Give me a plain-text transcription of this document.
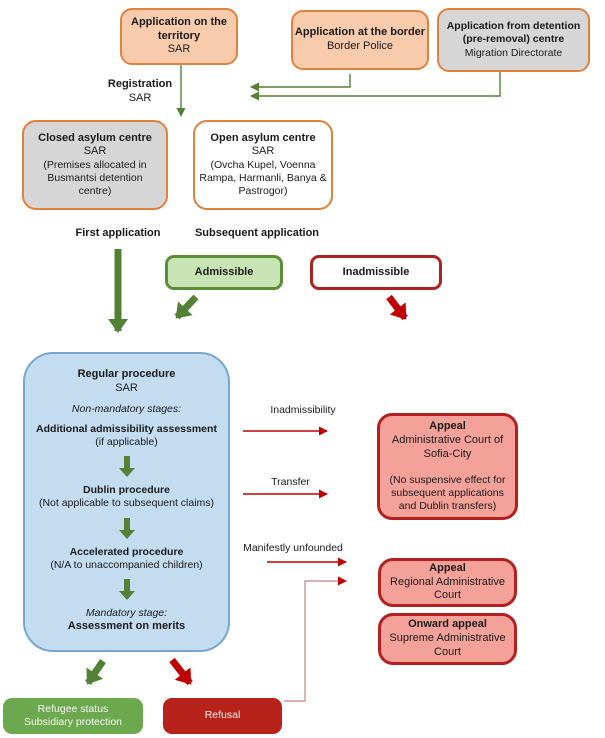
Application on the territory
SAR
Application at the border
Border Police
Application from detention (pre-removal) centre
Migration Directorate
Registration
SAR
Closed asylum centre
SAR
(Premises allocated in Busmantsi detention centre)
Open asylum centre
SAR
(Ovcha Kupel, Voenna Rampa, Harmanli, Banya & Pastrogor)
First application	Subsequent application
Admissible	Inadmissible
Regular procedure
SAR
Non-mandatory stages:
Additional admissibility assessment (if applicable)
Dublin procedure
(Not applicable to subsequent claims)
Accelerated procedure
(N/A to unaccompanied children)
Mandatory stage:
Assessment on merits
Inadmissibility
Transfer
Manifestly unfounded
Appeal
Administrative Court of Sofia-City
(No suspensive effect for subsequent applications and Dublin transfers)
Appeal
Regional Administrative Court
Onward appeal
Supreme Administrative Court
Refugee status
Subsidiary protection
Refusal
